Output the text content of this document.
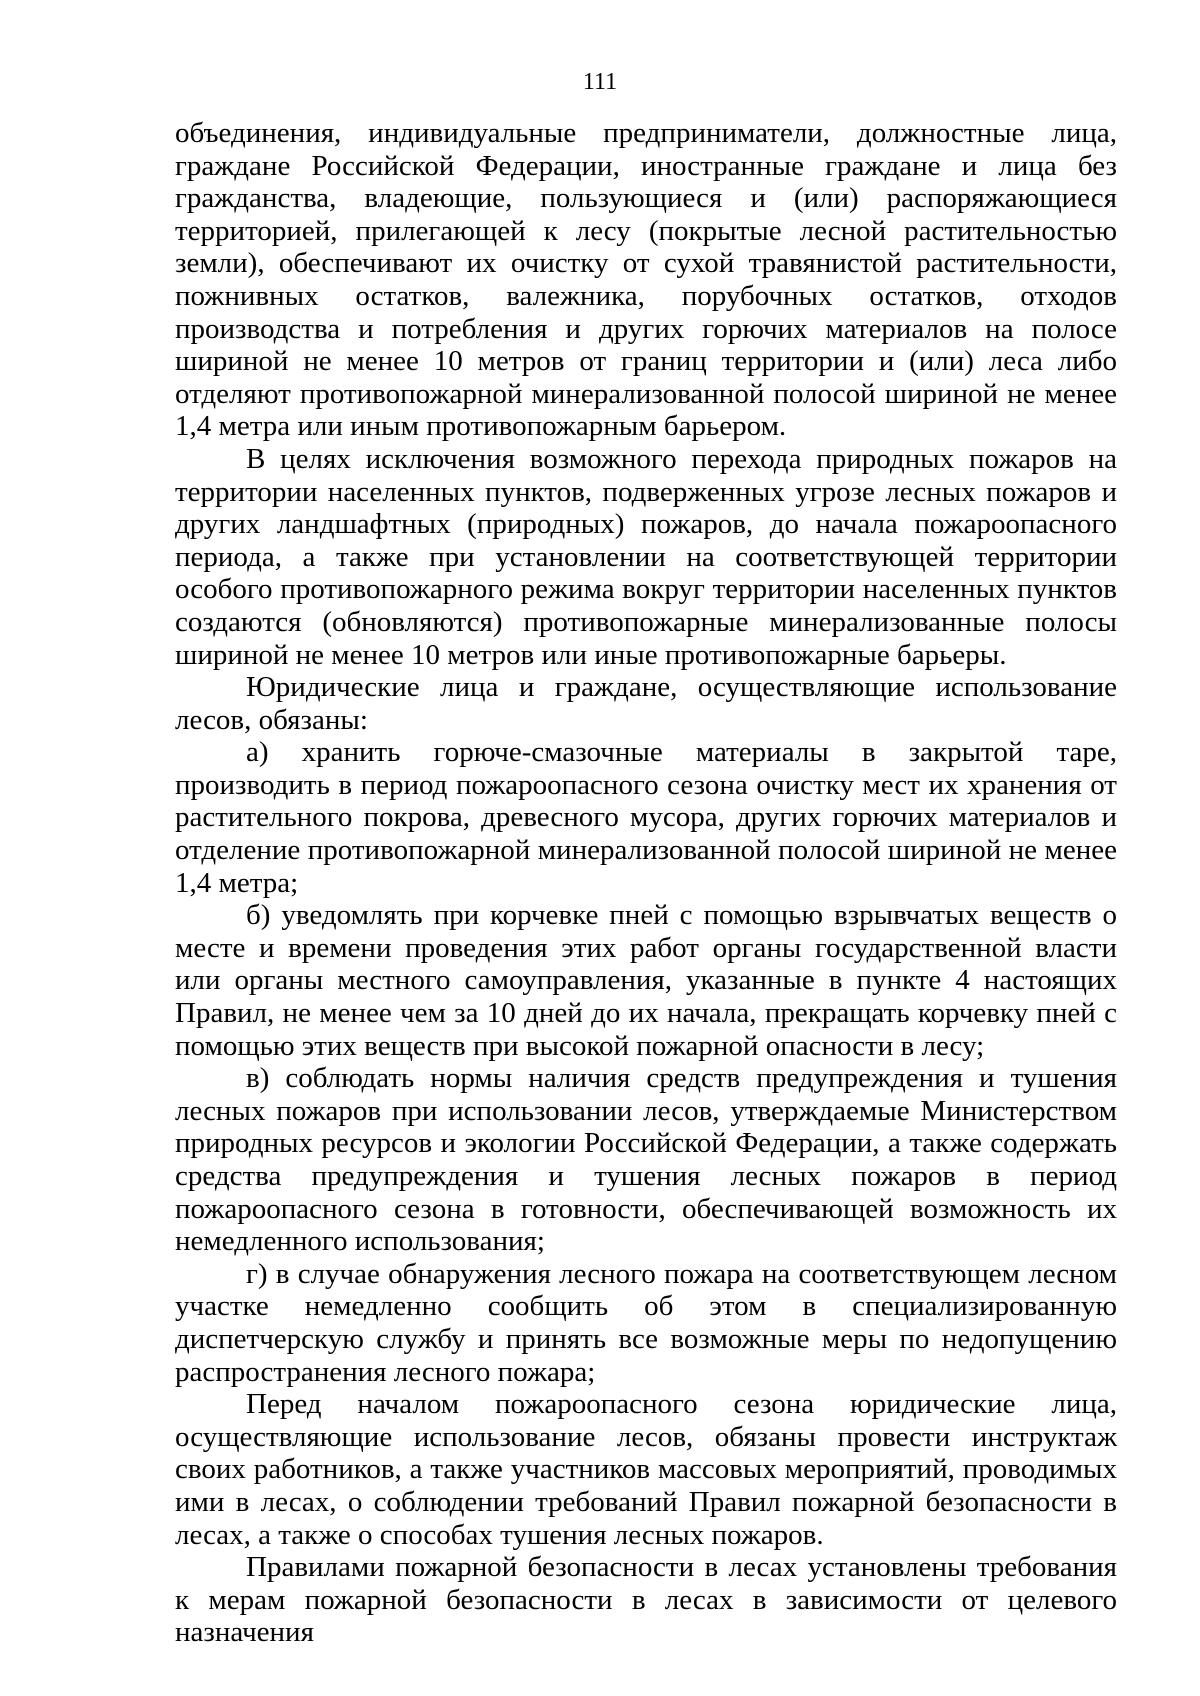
111

объединения, индивидуальные предприниматели, должностные лица, граждане Российской Федерации, иностранные граждане и лица без гражданства, владеющие, пользующиеся и (или) распоряжающиеся территорией, прилегающей к лесу (покрытые лесной растительностью земли), обеспечивают их очистку от сухой травянистой растительности, пожнивных остатков, валежника, порубочных остатков, отходов производства и потребления и других горючих материалов на полосе шириной не менее 10 метров от границ территории и (или) леса либо отделяют противопожарной минерализованной полосой шириной не менее 1,4 метра или иным противопожарным барьером.

В целях исключения возможного перехода природных пожаров на территории населенных пунктов, подверженных угрозе лесных пожаров и других ландшафтных (природных) пожаров, до начала пожароопасного периода, а также при установлении на соответствующей территории особого противопожарного режима вокруг территории населенных пунктов создаются (обновляются) противопожарные минерализованные полосы шириной не менее 10 метров или иные противопожарные барьеры.

Юридические лица и граждане, осуществляющие использование лесов, обязаны:

а) хранить горюче-смазочные материалы в закрытой таре, производить в период пожароопасного сезона очистку мест их хранения от растительного покрова, древесного мусора, других горючих материалов и отделение противопожарной минерализованной полосой шириной не менее 1,4 метра;

б) уведомлять при корчевке пней с помощью взрывчатых веществ о месте и времени проведения этих работ органы государственной власти или органы местного самоуправления, указанные в пункте 4 настоящих Правил, не менее чем за 10 дней до их начала, прекращать корчевку пней с помощью этих веществ при высокой пожарной опасности в лесу;

в) соблюдать нормы наличия средств предупреждения и тушения лесных пожаров при использовании лесов, утверждаемые Министерством природных ресурсов и экологии Российской Федерации, а также содержать средства предупреждения и тушения лесных пожаров в период пожароопасного сезона в готовности, обеспечивающей возможность их немедленного использования;

г) в случае обнаружения лесного пожара на соответствующем лесном участке немедленно сообщить об этом в специализированную диспетчерскую службу и принять все возможные меры по недопущению распространения лесного пожара;

Перед началом пожароопасного сезона юридические лица, осуществляющие использование лесов, обязаны провести инструктаж своих работников, а также участников массовых мероприятий, проводимых ими в лесах, о соблюдении требований Правил пожарной безопасности в лесах, а также о способах тушения лесных пожаров.

Правилами пожарной безопасности в лесах установлены требования к мерам пожарной безопасности в лесах в зависимости от целевого назначения
